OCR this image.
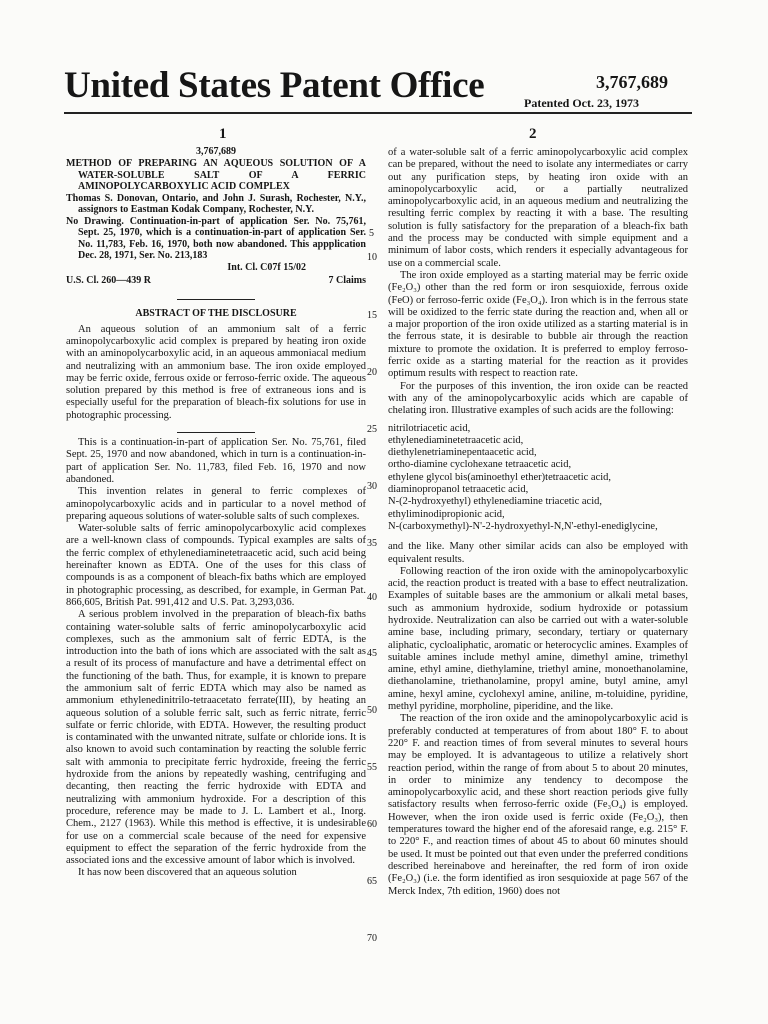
United States Patent Office	3,767,689
Patented Oct. 23, 1973
1	2
3,767,689

METHOD OF PREPARING AN AQUEOUS SOLUTION OF A WATER-SOLUBLE SALT OF A FERRIC AMINOPOLYCARBOXYLIC ACID COMPLEX

Thomas S. Donovan, Ontario, and John J. Surash, Rochester, N.Y., assignors to Eastman Kodak Company, Rochester, N.Y.

No Drawing. Continuation-in-part of application Ser. No. 75,761, Sept. 25, 1970, which is a continuation-in-part of application Ser. No. 11,783, Feb. 16, 1970, both now abandoned. This appplication Dec. 28, 1971, Ser. No. 213,183

Int. Cl. C07f 15/02
U.S. Cl. 260—439 R	7 Claims
ABSTRACT OF THE DISCLOSURE

An aqueous solution of an ammonium salt of a ferric aminopolycarboxylic acid complex is prepared by heating iron oxide with an aminopolycarboxylic acid, in an aqueous ammoniacal medium and neutralizing with an ammonium base. The iron oxide employed may be ferric oxide, ferrous oxide or ferroso-ferric oxide. The aqueous solution prepared by this method is free of extraneous ions and is especially useful for the preparation of bleach-fix solutions for use in photographic processing.

This is a continuation-in-part of application Ser. No. 75,761, filed Sept. 25, 1970 and now abandoned, which in turn is a continuation-in-part of application Ser. No. 11,783, filed Feb. 16, 1970 and now abandoned.

This invention relates in general to ferric complexes of aminopolycarboxylic acids and in particular to a novel method of preparing aqueous solutions of water-soluble salts of such complexes.

Water-soluble salts of ferric aminopolycarboxylic acid complexes are a well-known class of compounds. Typical examples are salts of the ferric complex of ethylenediaminetetraacetic acid, such acid being hereinafter known as EDTA. One of the uses for this class of compounds is as a component of bleach-fix baths which are employed in photographic processing, as described, for example, in German Pat. 866,605, British Pat. 991,412 and U.S. Pat. 3,293,036.

A serious problem involved in the preparation of bleach-fix baths containing water-soluble salts of ferric aminopolycarboxylic acid complexes, such as the ammonium salt of ferric EDTA, is the introduction into the bath of ions which are associated with the salt as a result of its process of manufacture and have a detrimental effect on the functioning of the bath. Thus, for example, it is known to prepare the ammonium salt of ferric EDTA which may also be named as ammonium ethylenedinitrilo-tetraacetato ferrate(III), by heating an aqueous solution of a soluble ferric salt, such as ferric nitrate, ferric sulfate or ferric chloride, with EDTA. However, the resulting product is contaminated with the unwanted nitrate, sulfate or chloride ions. It is also known to avoid such contamination by reacting the soluble ferric salt with ammonia to precipitate ferric hydroxide, freeing the ferric hydroxide from the anions by repeatedly washing, centrifuging and decanting, then reacting the ferric hydroxide with EDTA and neutralizing with ammonium hydroxide. For a description of this procedure, reference may be made to J. L. Lambert et al., Inorg. Chem., 2127 (1963). While this method is effective, it is undesirable for use on a commercial scale because of the need for expensive equipment to effect the separation of the ferric hydroxide from the associated ions and the excessive amount of labor which is involved.

It has now been discovered that an aqueous solution

of a water-soluble salt of a ferric aminopolycarboxylic acid complex can be prepared, without the need to isolate any intermediates or carry out any purification steps, by heating iron oxide with an aminopolycarboxylic acid, or a partially neutralized aminopolycarboxylic acid, in an aqueous medium and neutralizing the resulting ferric complex by reacting it with a base. The resulting solution is fully satisfactory for the preparation of a bleach-fix bath and the process may be conducted with simple equipment and a minimum of labor costs, which renders it especially advantageous for use on a commercial scale.

The iron oxide employed as a starting material may be ferric oxide (Fe₂O₃) other than the red form or iron sesquioxide, ferrous oxide (FeO) or ferroso-ferric oxide (Fe₃O₄). Iron which is in the ferrous state will be oxidized to the ferric state during the reaction and, when all or a major proportion of the iron oxide utilized as a starting material is in the ferrous state, it is desirable to bubble air through the reaction mixture to promote the oxidation. It is preferred to employ ferroso-ferric oxide as a starting material for the reaction as it provides optimum results with respect to reaction rate.

For the purposes of this invention, the iron oxide can be reacted with any of the aminopolycarboxylic acids which are capable of chelating iron. Illustrative examples of such acids are the following:

nitrilotriacetic acid,
ethylenediaminetetraacetic acid,
diethylenetriaminepentaacetic acid,
ortho-diamine cyclohexane tetraacetic acid,
ethylene glycol bis(aminoethyl ether)tetraacetic acid,
diaminopropanol tetraacetic acid,
N-(2-hydroxyethyl) ethylenediamine triacetic acid,
ethyliminodipropionic acid,
N-(carboxymethyl)-N'-2-hydroxyethyl-N,N'-ethyl-enediglycine,

and the like. Many other similar acids can also be employed with equivalent results.

Following reaction of the iron oxide with the aminopolycarboxylic acid, the reaction product is treated with a base to effect neutralization. Examples of suitable bases are the ammonium or alkali metal bases, such as ammonium hydroxide, sodium hydroxide or potassium hydroxide. Neutralization can also be carried out with a water-soluble amine base, including primary, secondary, tertiary or quaternary aliphatic, cycloaliphatic, aromatic or heterocyclic amines. Examples of suitable amines include methyl amine, dimethyl amine, trimethyl amine, ethyl amine, diethylamine, triethyl amine, monoethanolamine, diethanolamine, triethanolamine, propyl amine, butyl amine, amyl amine, hexyl amine, cyclohexyl amine, aniline, m-toluidine, pyridine, methyl pyridine, morpholine, piperidine, and the like.

The reaction of the iron oxide and the aminopolycarboxylic acid is preferably conducted at temperatures of from about 180° F. to about 220° F. and reaction times of from several minutes to several hours may be employed. It is advantageous to utilize a relatively short reaction period, within the range of from about 5 to about 20 minutes, in order to minimize any tendency to decompose the aminopolycarboxylic acid, and these short reaction periods give fully satisfactory results when ferroso-ferric oxide (Fe₃O₄) is employed. However, when the iron oxide used is ferric oxide (Fe₂O₃), then temperatures toward the higher end of the aforesaid range, e.g. 215° F. to 220° F., and reaction times of about 45 to about 60 minutes should be used. It must be pointed out that even under the preferred conditions described hereinabove and hereinafter, the red form of iron oxide (Fe₂O₃) (i.e. the form identified as iron sesquioxide at page 567 of the Merck Index, 7th edition, 1960) does not

5
10
15
20
25
30
35
40
45
50
55
60
65
70
